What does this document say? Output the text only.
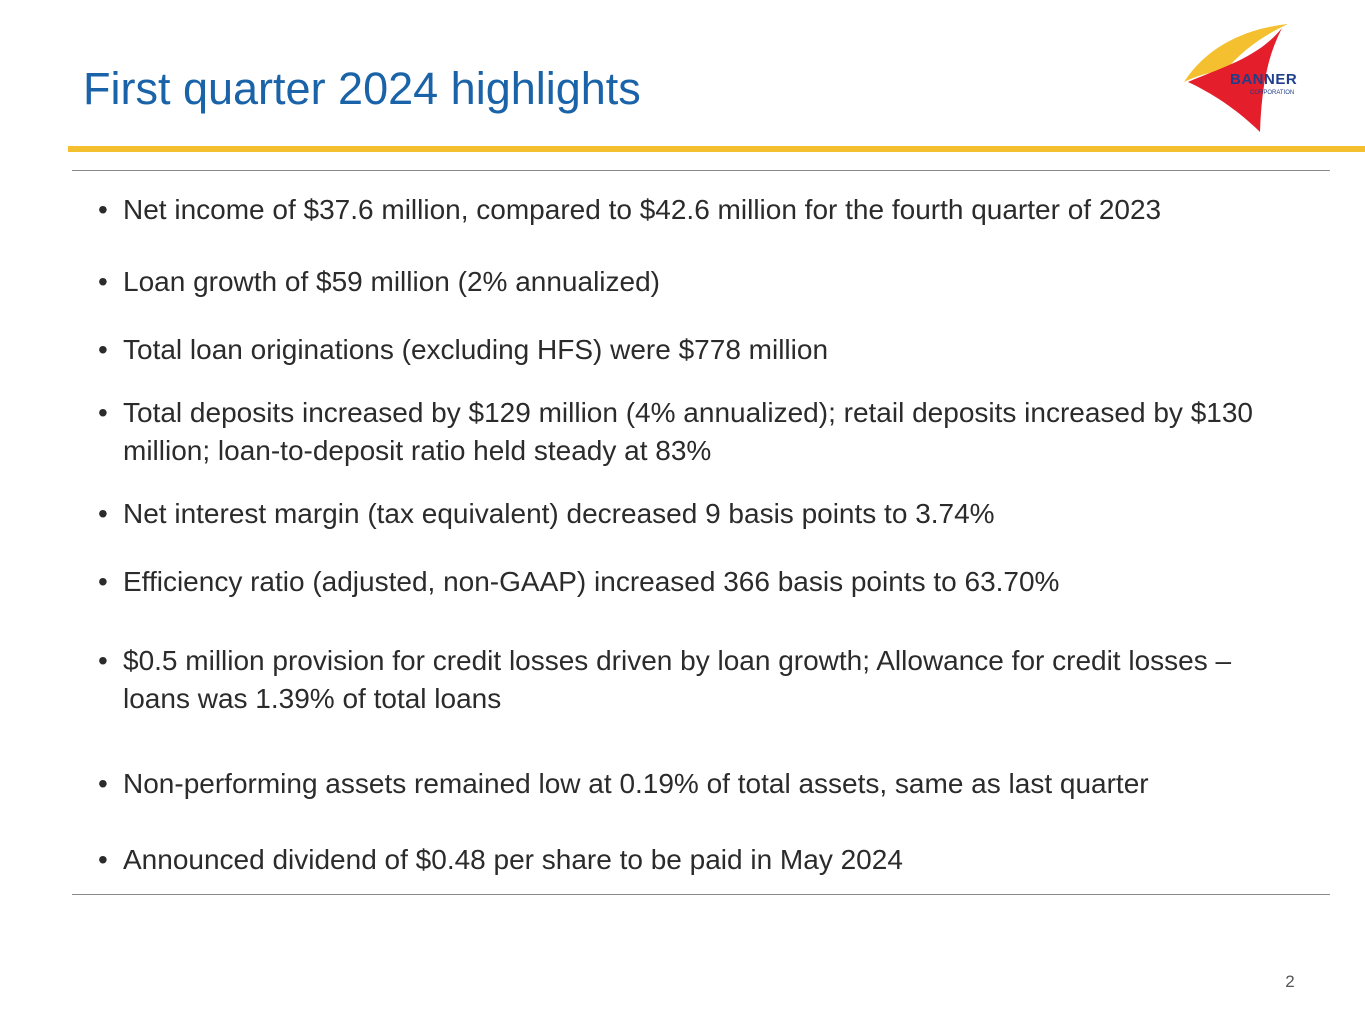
First quarter 2024 highlights	BANNER
CORPORATION
• Net income of $37.6 million, compared to $42.6 million for the fourth quarter of 2023
• Loan growth of $59 million (2% annualized)
• Total loan originations (excluding HFS) were $778 million
• Total deposits increased by $129 million (4% annualized); retail deposits increased by $130 million; loan-to-deposit ratio held steady at 83%
• Net interest margin (tax equivalent) decreased 9 basis points to 3.74%
• Efficiency ratio (adjusted, non-GAAP) increased 366 basis points to 63.70%
• $0.5 million provision for credit losses driven by loan growth; Allowance for credit losses – loans was 1.39% of total loans
• Non-performing assets remained low at 0.19% of total assets, same as last quarter
• Announced dividend of $0.48 per share to be paid in May 2024
2
